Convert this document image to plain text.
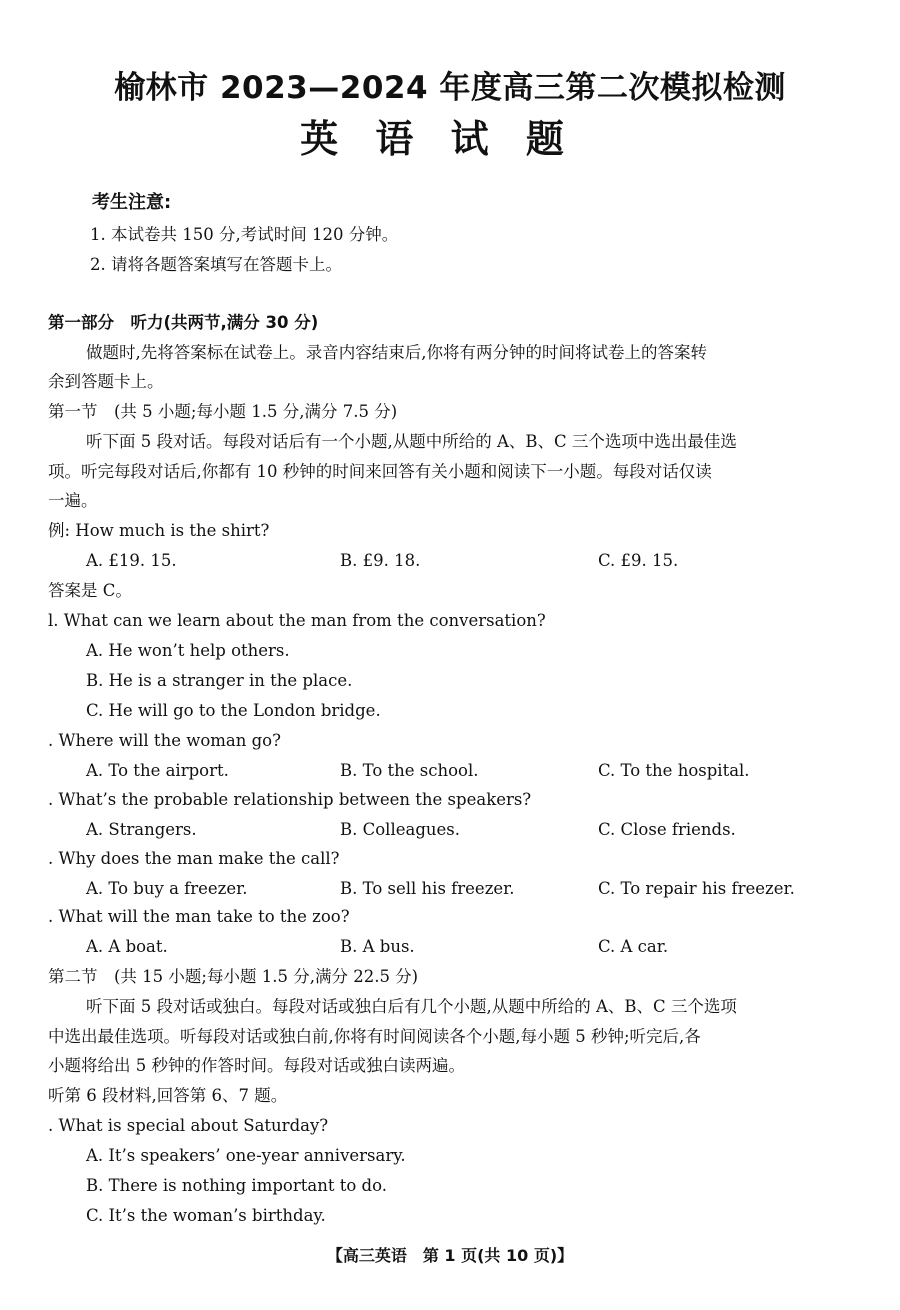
榆林市 2023—2024 年度高三第二次模拟检测
英 语 试 题
考生注意:
1. 本试卷共 150 分,考试时间 120 分钟。
2. 请将各题答案填写在答题卡上。
第一部分　听力(共两节,满分 30 分)
做题时,先将答案标在试卷上。录音内容结束后,你将有两分钟的时间将试卷上的答案转
余到答题卡上。
第一节　(共 5 小题;每小题 1.5 分,满分 7.5 分)
听下面 5 段对话。每段对话后有一个小题,从题中所给的 A、B、C 三个选项中选出最佳选
项。听完每段对话后,你都有 10 秒钟的时间来回答有关小题和阅读下一小题。每段对话仅读
一遍。
例: How much is the shirt?
A. £19. 15.	B. £9. 18.	C. £9. 15.
答案是 C。
l. What can we learn about the man from the conversation?
A. He won’t help others.
B. He is a stranger in the place.
C. He will go to the London bridge.
. Where will the woman go?
A. To the airport.	B. To the school.	C. To the hospital.
. What’s the probable relationship between the speakers?
A. Strangers.	B. Colleagues.	C. Close friends.
. Why does the man make the call?
A. To buy a freezer.	B. To sell his freezer.	C. To repair his freezer.
. What will the man take to the zoo?
A. A boat.	B. A bus.	C. A car.
第二节　(共 15 小题;每小题 1.5 分,满分 22.5 分)
听下面 5 段对话或独白。每段对话或独白后有几个小题,从题中所给的 A、B、C 三个选项
中选出最佳选项。听每段对话或独白前,你将有时间阅读各个小题,每小题 5 秒钟;听完后,各
小题将给出 5 秒钟的作答时间。每段对话或独白读两遍。
听第 6 段材料,回答第 6、7 题。
. What is special about Saturday?
A. It’s speakers’ one-year anniversary.
B. There is nothing important to do.
C. It’s the woman’s birthday.
【高三英语　第 1 页(共 10 页)】
